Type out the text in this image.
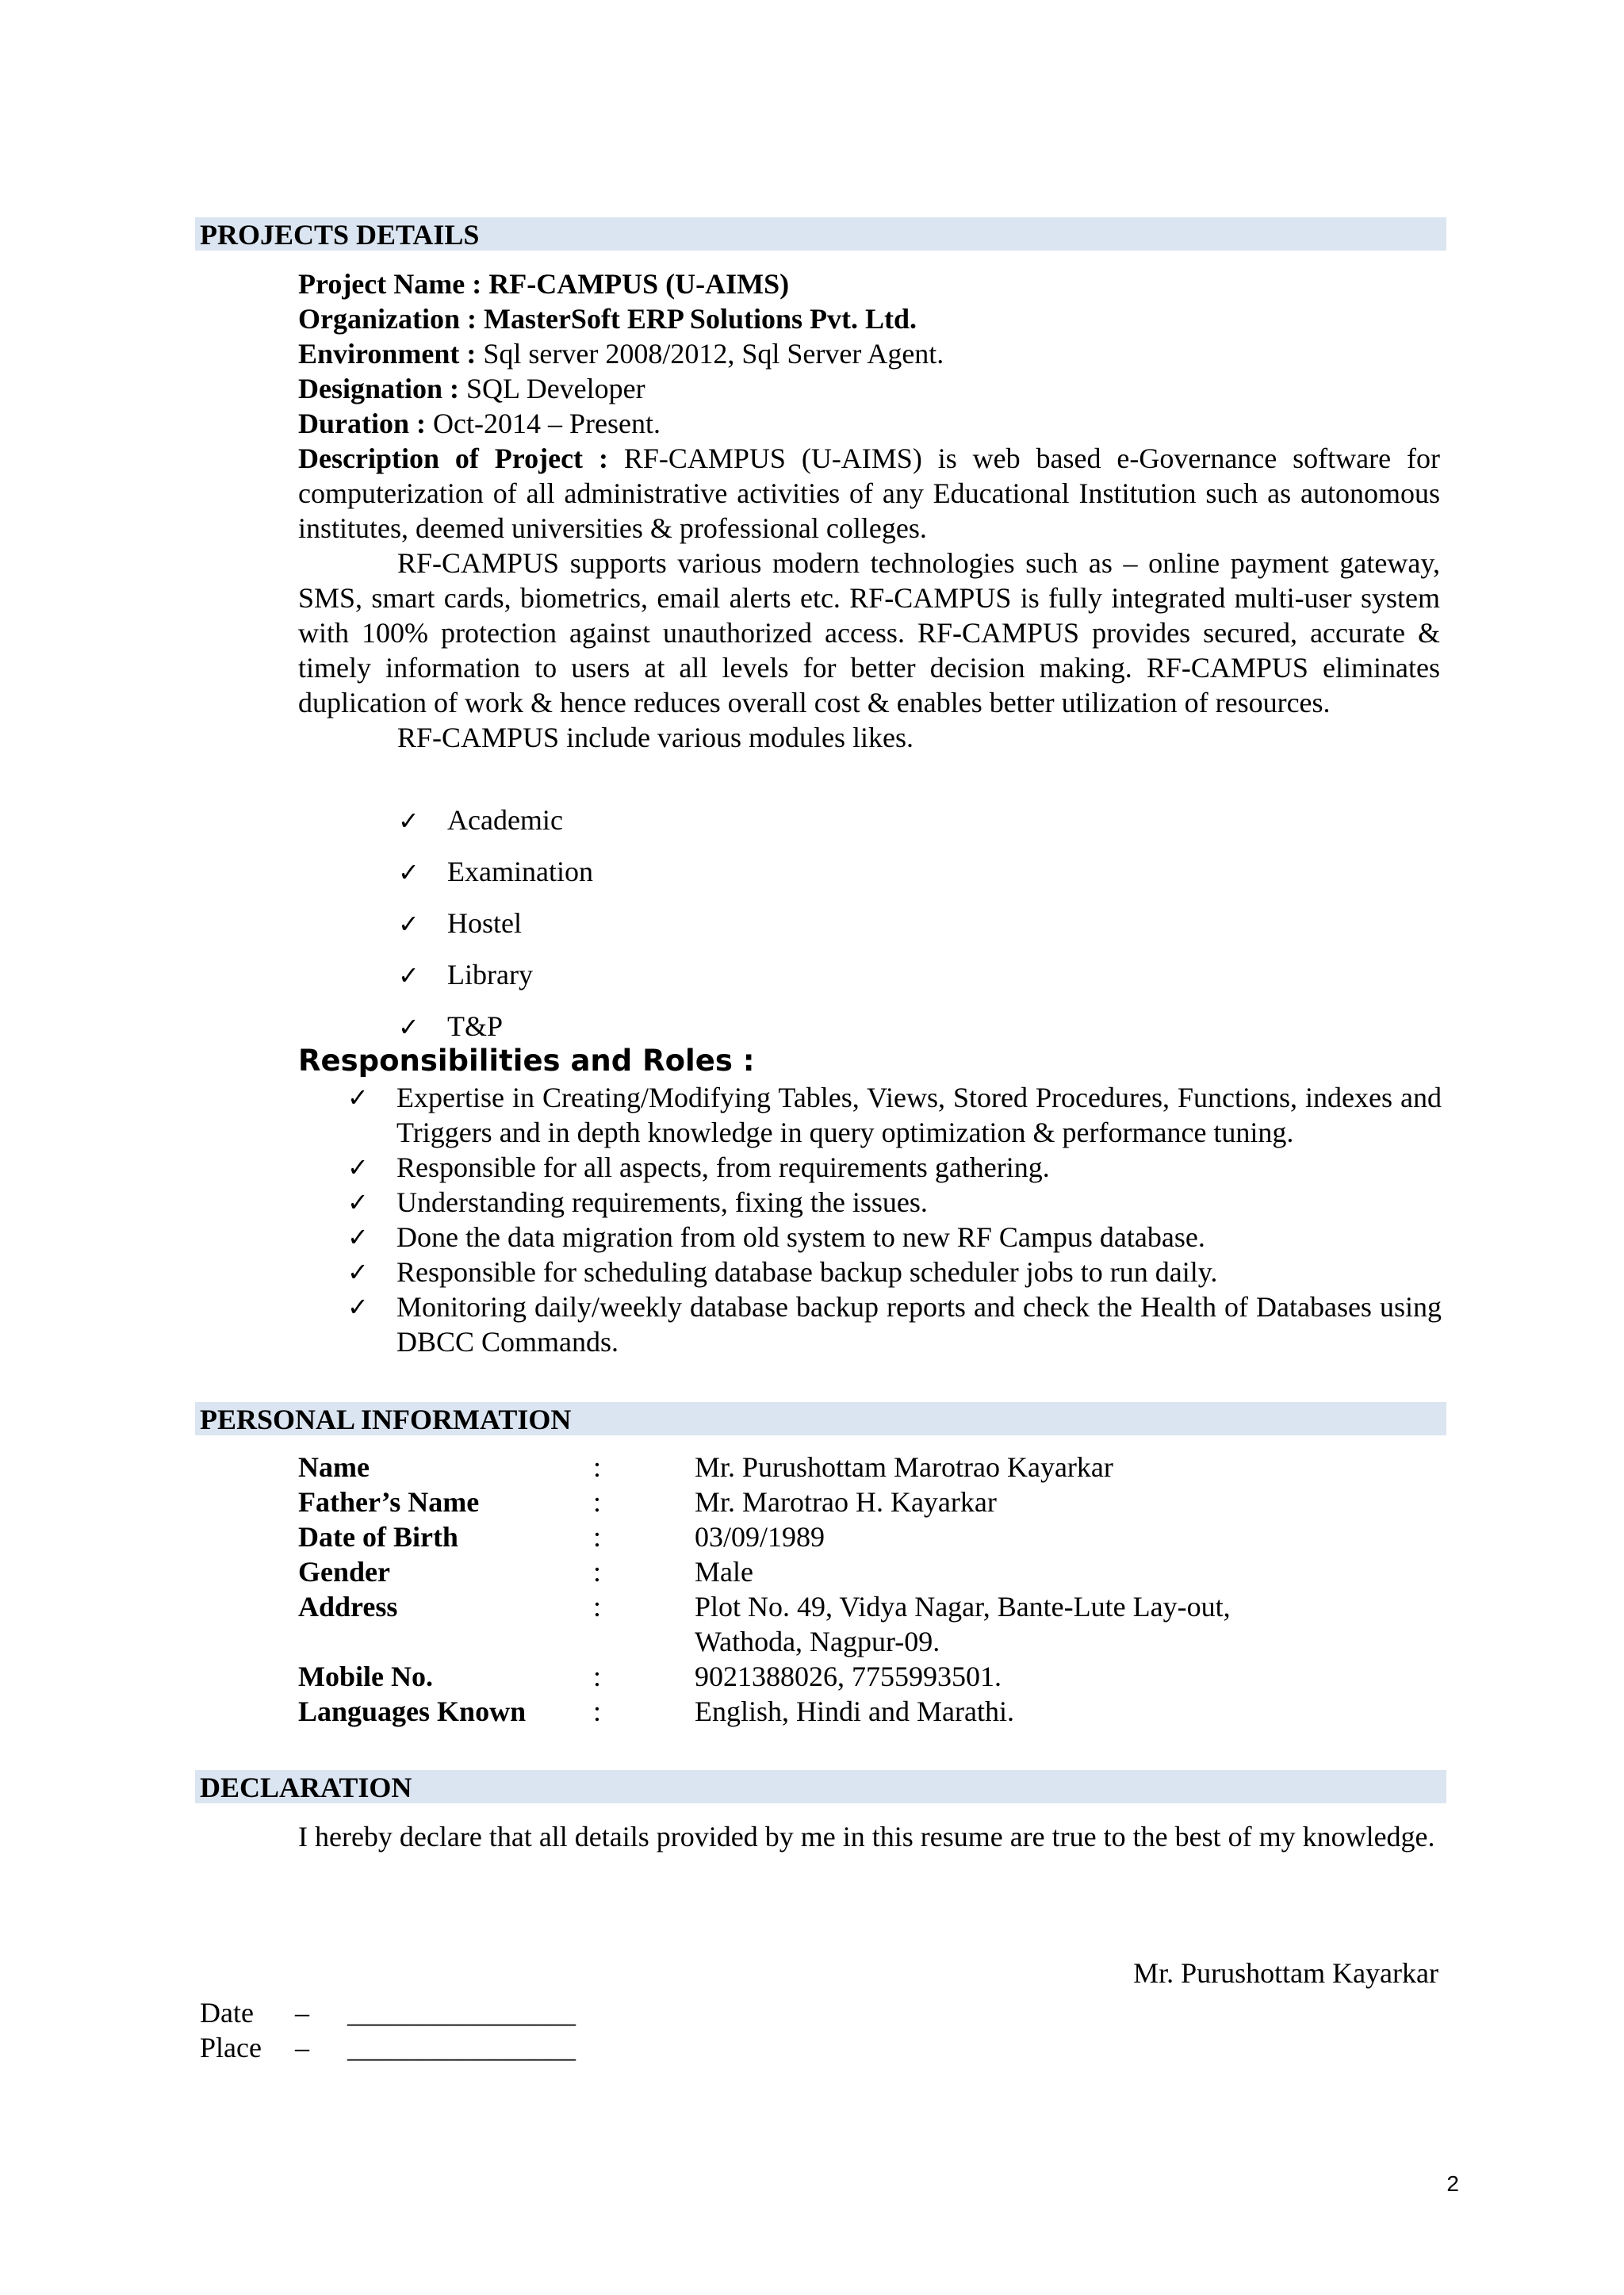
PROJECTS DETAILS
Project Name : RF-CAMPUS (U-AIMS)
Organization : MasterSoft ERP Solutions Pvt. Ltd.
Environment : Sql server 2008/2012, Sql Server Agent.
Designation : SQL Developer
Duration : Oct-2014 – Present.
Description of Project : RF-CAMPUS (U-AIMS) is web based e-Governance software for computerization of all administrative activities of any Educational Institution such as autonomous institutes, deemed universities & professional colleges.
RF-CAMPUS supports various modern technologies such as – online payment gateway, SMS, smart cards, biometrics, email alerts etc. RF-CAMPUS is fully integrated multi-user system with 100% protection against unauthorized access. RF-CAMPUS provides secured, accurate & timely information to users at all levels for better decision making. RF-CAMPUS eliminates duplication of work & hence reduces overall cost & enables better utilization of resources.
RF-CAMPUS include various modules likes.
✓ Academic
✓ Examination
✓ Hostel
✓ Library
✓ T&P
Responsibilities and Roles :
✓ Expertise in Creating/Modifying Tables, Views, Stored Procedures, Functions, indexes and Triggers and in depth knowledge in query optimization & performance tuning.
✓ Responsible for all aspects, from requirements gathering.
✓ Understanding requirements, fixing the issues.
✓ Done the data migration from old system to new RF Campus database.
✓ Responsible for scheduling database backup scheduler jobs to run daily.
✓ Monitoring daily/weekly database backup reports and check the Health of Databases using DBCC Commands.
PERSONAL INFORMATION
Name	:	Mr. Purushottam Marotrao Kayarkar
Father’s Name	:	Mr. Marotrao H. Kayarkar
Date of Birth	:	03/09/1989
Gender	:	Male
Address	:	Plot No. 49, Vidya Nagar, Bante-Lute Lay-out,
Wathoda, Nagpur-09.
Mobile No.	:	9021388026, 7755993501.
Languages Known :	English, Hindi and Marathi.
DECLARATION
I hereby declare that all details provided by me in this resume are true to the best of my knowledge.
Mr. Purushottam Kayarkar
Date – ________________
Place – ________________
2
